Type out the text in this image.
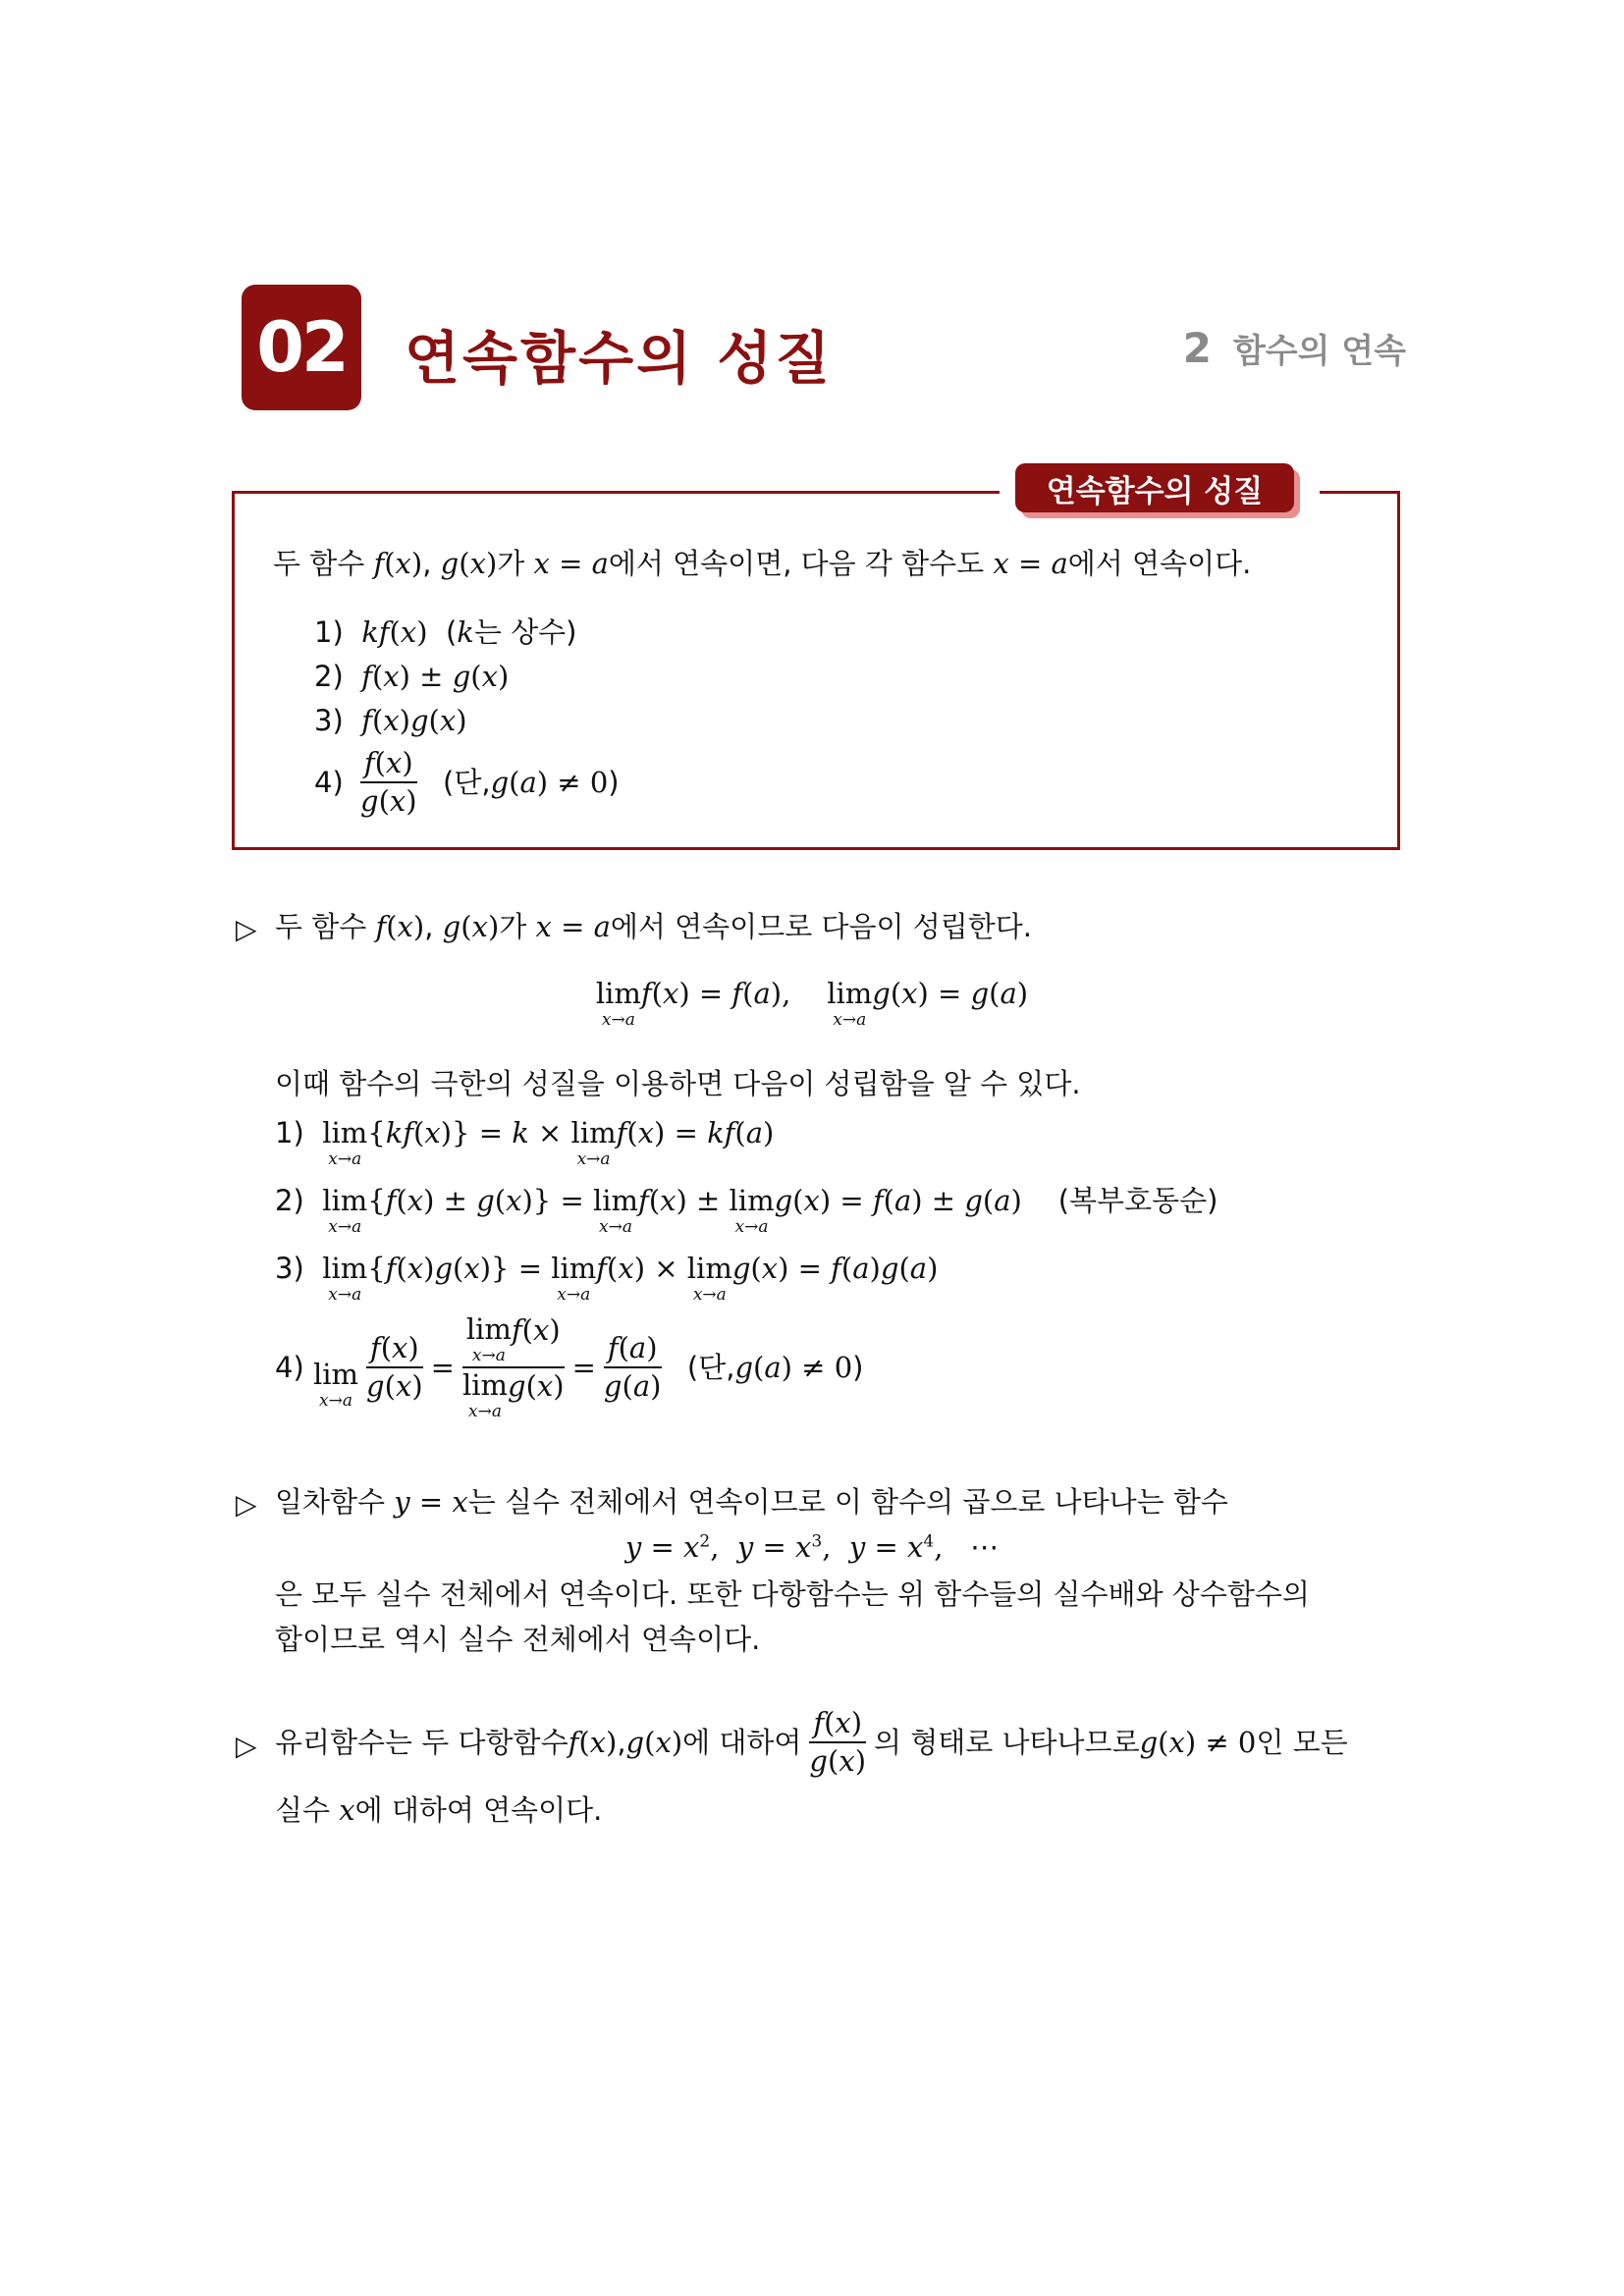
02 연속함수의 성질	2 함수의 연속
연속함수의 성질
두 함수 f(x), g(x)가 x = a에서 연속이면, 다음 각 함수도 x = a에서 연속이다.
1) kf(x) (k는 상수)
2) f(x) ± g(x)
3) f(x)g(x)
4)
$\frac{f(x)}{g(x)}$
(단, g ( a ) ≠ 0 )
▷ 두 함수 f(x), g(x)가 x = a에서 연속이므로 다음이 성립한다.
lim
x→a
f(x) = f(a), lim
x→a
g(x) = g(a)
이때 함수의 극한의 성질을 이용하면 다음이 성립함을 알 수 있다.
1) lim
x→a
{kf(x)} = k × lim
x→a
f(x) = kf(a)
2) lim
x→a
{f(x) ± g(x)} = lim
x→a
f(x) ± lim
x→a
g(x) = f(a) ± g(a) (복부호동순)
3) lim
x→a
{f(x)g(x)} = lim
x→a
f(x) × lim
x→a
g(x) = f(a)g(a)
4)
lim
$x\to a \frac{f(x)}{g(x)} = \lim$
x→a
f ( x )
lim
x→a
g ( x ) = $\frac{f(a)}{g(a)}$
(단, g ( a ) ≠ 0 )
▷ 일차함수 y = x는 실수 전체에서 연속이므로 이 함수의 곱으로 나타나는 함수
$y = x^2$,  $y = x^3$,  $y = x^4$,   ⋯
은 모두 실수 전체에서 연속이다. 또한 다항함수는 위 함수들의 실수배와 상수함수의
합이므로 역시 실수 전체에서 연속이다.
▷ 유리함수는 두 다항함수 f ( x ) , g ( x ) 에 대하여 $\frac{f(x)}{g(x)}$ 의 형태로 나타나므로 g ( x ) ≠ 0 인 모든
실수 x에 대하여 연속이다.
